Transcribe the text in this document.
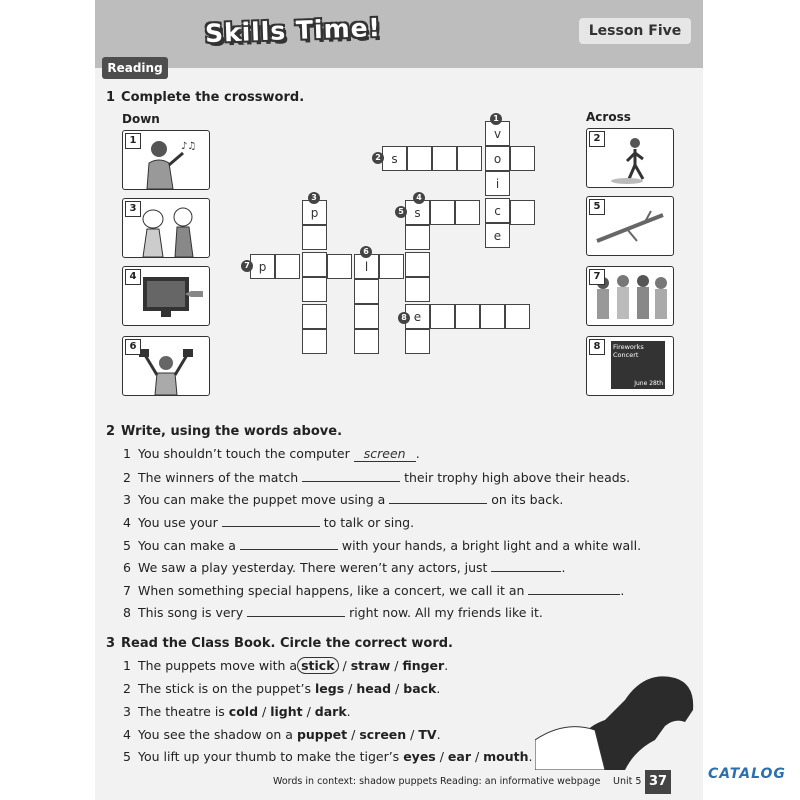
Skills Time!	Lesson Five
Reading
1 Complete the crossword.
Down	Across
1
♪♫
3
4
6
2
5
7
8	Fireworks Concert
June 28th
v
o
i
c
e
1
s
2
p
3
s
4
5
l
6
p
7
e
8
2 Write, using the words above.
1 You shouldn’t touch the computer screen .
2 The winners of the match	their trophy high above their heads.
3 You can make the puppet move using a	on its back.
4 You use your	to talk or sing.
5 You can make a	with your hands, a bright light and a white wall.
6 We saw a play yesterday. There weren’t any actors, just	.
7 When something special happens, like a concert, we call it an	.
8 This song is very	right now. All my friends like it.
3 Read the Class Book. Circle the correct word.
1 The puppets move with a stick / straw / finger.
2 The stick is on the puppet’s legs / head / back.
3 The theatre is cold / light / dark.
4 You see the shadow on a puppet / screen / TV.
5 You lift up your thumb to make the tiger’s eyes / ear / mouth.
Words in context: shadow puppets Reading: an informative webpage Unit 5 37	CATALOG
